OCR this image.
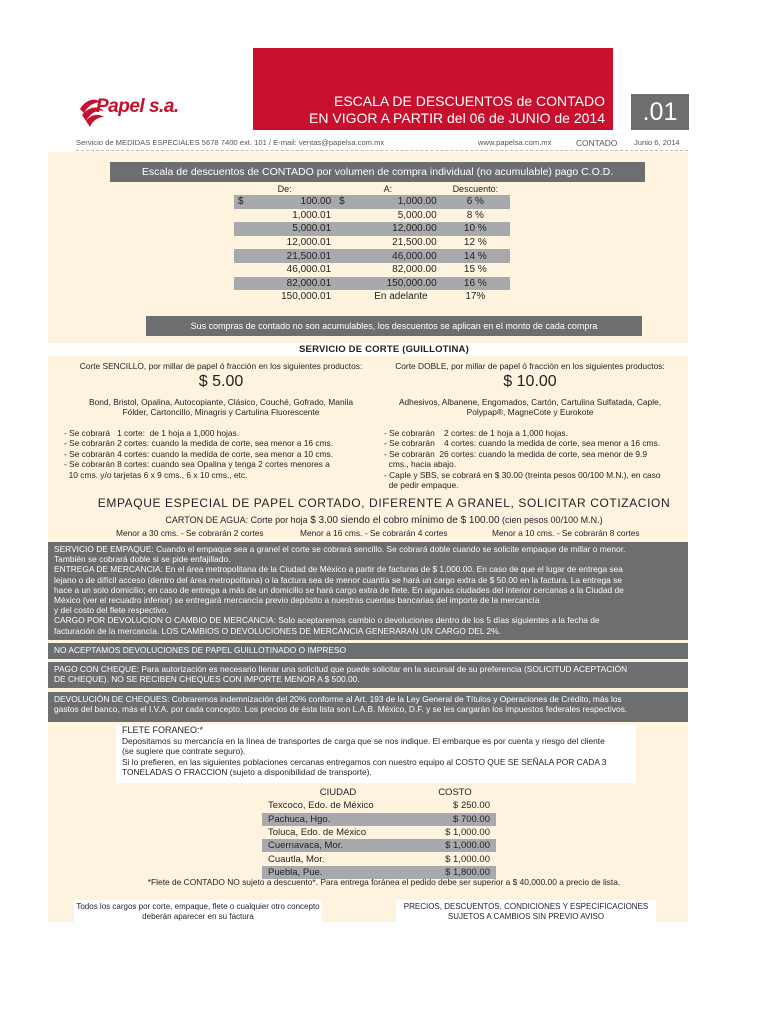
Papel s.a.	ESCALA DE DESCUENTOS de CONTADO
EN VIGOR A PARTIR del 06 de JUNIO de 2014	.01
Servicio de MEDIDAS ESPECIALES 5678 7400 ext. 101 / E-mail: ventas@papelsa.com.mx	www.papelsa.com.mx	CONTADO Junio 6, 2014
Escala de descuentos de CONTADO por volumen de compra individual (no acumulable) pago C.O.D.
De:		A:		Descuento:
$	100.00	$	1,000.00	6 %
	1,000.01		5,000.00	8 %
	5,000.01		12,000.00	10 %
	12,000.01		21,500.00	12 %
	21,500.01		46,000.00	14 %
	46,000.01		82,000.00	15 %
	82,000.01		150,000.00	16 %
	150,000.01		En adelante	17%
Sus compras de contado no son acumulables, los descuentos se aplican en el monto de cada compra
SERVICIO DE CORTE (GUILLOTINA)
Corte SENCILLO, por millar de papel ó fracción en los siguientes productos:
$ 5.00
Bond, Bristol, Opalina, Autocopiante, Clásico, Couché, Gofrado, Manila Fólder, Cartoncillo, Minagris y Cartulina Fluorescente
- Se cobrará   1 corte:  de 1 hoja a 1,000 hojas.
- Se cobrarán 2 cortes: cuando la medida de corte, sea menor a 16 cms.
- Se cobrarán 4 cortes: cuando la medida de corte, sea menor a 10 cms.
- Se cobrarán 8 cortes: cuando sea Opalina y tenga 2 cortes menores a
10 cms. y/o tarjetas 6 x 9 cms., 6 x 10 cms., etc.
Corte DOBLE, por millar de papel ó fracción en los siguientes productos:
$ 10.00
Adhesivos, Albanene, Engomados, Cartón, Cartulina Sulfatada, Caple, Polypap®, MagneCote y Eurokote
- Se cobrarán    2 cortes: de 1 hoja a 1,000 hojas.
- Se cobrarán    4 cortes: cuando la medida de corte, sea menor a 16 cms.
- Se cobrarán  26 cortes: cuando la medida de corte, sea menor de 9.9
cms., hacia abajo.
- Caple y SBS, se cobrará en $ 30.00 (treinta pesos 00/100 M.N.), en caso
de pedir empaque.
EMPAQUE ESPECIAL DE PAPEL CORTADO, DIFERENTE A GRANEL, SOLICITAR COTIZACION
CARTON DE AGUA: Corte por hoja $ 3.00 siendo el cobro mínimo de $ 100.00 (cien pesos 00/100 M.N.)
Menor a 30 cms. - Se cobrarán 2 cortes	Menor a 16 cms. - Se cobrarán 4 cortes	Menor a 10 cms. - Se cobrarán 8 cortes
SERVICIO DE EMPAQUE: Cuando el empaque sea a granel el corte se cobrará sencillo. Se cobrará doble cuando se solicite empaque de millar o menor.
También se cobrará doble si se pide enfajillado.
ENTREGA DE MERCANCIA: En el área metropolitana de la Ciudad de México a partir de facturas de $ 1,000.00. En caso de que el lugar de entrega sea
lejano o de difícil acceso (dentro del área metropolitana) o la factura sea de menor cuantía se hará un cargo extra de $ 50.00 en la factura. La entrega se
hace a un solo domicilio; en caso de entrega a más de un domicilio se hará cargo extra de flete. En algunas ciudades del interior cercanas a la Ciudad de
México (ver el recuadro inferior) se entregará mercancía previo depósito a nuestras cuentas bancarias del importe de la mercancía
y del costo del flete respectivo.
CARGO POR DEVOLUCION O CAMBIO DE MERCANCIA: Solo aceptaremos cambio o devoluciones dentro de los 5 días siguientes a la fecha de
facturación de la mercancía. LOS CAMBIOS O DEVOLUCIONES DE MERCANCIA GENERARAN UN CARGO DEL 2%.
NO ACEPTAMOS DEVOLUCIONES DE PAPEL GUILLOTINADO O IMPRESO
PAGO CON CHEQUE: Para autorización es necesario llenar una solicitud que puede solicitar en la sucursal de su preferencia (SOLICITUD ACEPTACIÓN
DE CHEQUE). NO SE RECIBEN CHEQUES CON IMPORTE MENOR A $ 500.00.
DEVOLUCIÓN DE CHEQUES: Cobraremos indemnización del 20% conforme al Art. 193 de la Ley General de Títulos y Operaciones de Crédito, más los
gastos del banco, más el I.V.A. por cada concepto. Los precios de ésta lista son L.A.B. México, D.F. y se les cargarán los impuestos federales respectivos.
FLETE FORANEO:*
Depositamos su mercancía en la línea de transportes de carga que se nos indique. El embarque es por cuenta y riesgo del cliente
(se sugiere que contrate seguro).
Si lo prefieren, en las siguientes poblaciones cercanas entregamos con nuestro equipo al COSTO QUE SE SEÑALA POR CADA 3
TONELADAS O FRACCION (sujeto a disponibilidad de transporte).
CIUDAD	COSTO
Texcoco, Edo. de México	$ 250.00
Pachuca, Hgo.	$ 700.00
Toluca, Edo. de México	$ 1,000.00
Cuernavaca, Mor.	$ 1,000.00
Cuautla, Mor.	$ 1,000.00
Puebla, Pue.	$ 1,800.00
*Flete de CONTADO NO sujeto a descuento*. Para entrega foránea el pedido debe ser superior a $ 40,000.00 a precio de lista.
Todos los cargos por corte, empaque, flete o cualquier otro concepto deberán aparecer en su factura
PRECIOS, DESCUENTOS, CONDICIONES Y ESPECIFICACIONES
SUJETOS A CAMBIOS SIN PREVIO AVISO
